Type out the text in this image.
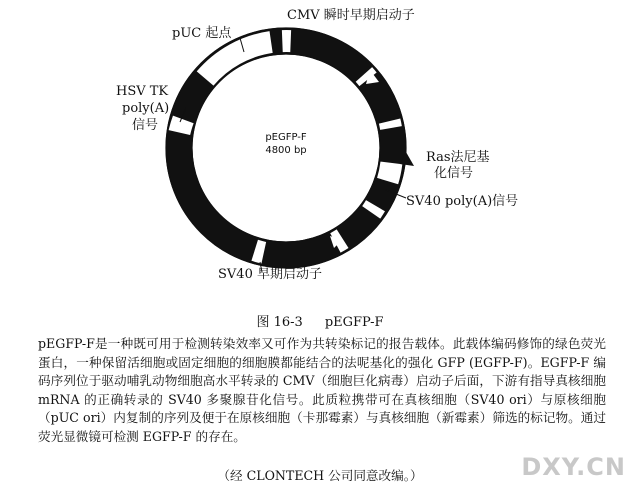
CMV 瞬时早期启动子
pUC 起点
HSV TK
poly(A)
信号
Ras法尼基
化信号
SV40 poly(A)信号
SV40 早期启动子
pEGFP-F
4800 bp
图 16-3 pEGFP-F
pEGFP-F是一种既可用于检测转染效率又可作为共转染标记的报告载体。此载体编码修饰的绿色荧光蛋白，一种保留活细胞或固定细胞的细胞膜都能结合的法呢基化的强化 GFP (EGFP-F)。EGFP-F 编码序列位于驱动哺乳动物细胞高水平转录的 CMV（细胞巨化病毒）启动子后面，下游有指导真核细胞 mRNA 的正确转录的 SV40 多聚腺苷化信号。此质粒携带可在真核细胞（SV40 ori）与原核细胞（pUC ori）内复制的序列及便于在原核细胞（卡那霉素）与真核细胞（新霉素）筛选的标记物。通过荧光显微镜可检测 EGFP-F 的存在。
（经 CLONTECH 公司同意改编。）	DXY.CN
